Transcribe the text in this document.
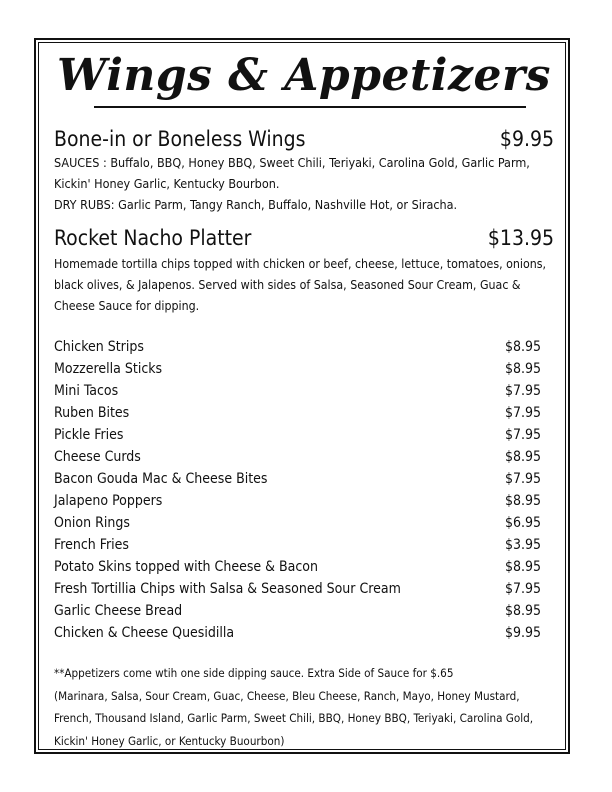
Wings & Appetizers
Bone-in or Boneless Wings	$9.95
SAUCES : Buffalo, BBQ, Honey BBQ, Sweet Chili, Teriyaki, Carolina Gold, Garlic Parm, Kickin' Honey Garlic, Kentucky Bourbon.
DRY RUBS: Garlic Parm, Tangy Ranch, Buffalo, Nashville Hot, or Siracha.
Rocket Nacho Platter	$13.95
Homemade tortilla chips topped with chicken or beef, cheese, lettuce, tomatoes, onions, black olives, & Jalapenos. Served with sides of Salsa, Seasoned Sour Cream, Guac & Cheese Sauce for dipping.
Chicken Strips	$8.95
Mozzerella Sticks	$8.95
Mini Tacos	$7.95
Ruben Bites	$7.95
Pickle Fries	$7.95
Cheese Curds	$8.95
Bacon Gouda Mac & Cheese Bites	$7.95
Jalapeno Poppers	$8.95
Onion Rings	$6.95
French Fries	$3.95
Potato Skins topped with Cheese & Bacon	$8.95
Fresh Tortillia Chips with Salsa & Seasoned Sour Cream	$7.95
Garlic Cheese Bread	$8.95
Chicken & Cheese Quesidilla	$9.95
**Appetizers come wtih one side dipping sauce. Extra Side of Sauce for $.65
(Marinara, Salsa, Sour Cream, Guac, Cheese, Bleu Cheese, Ranch, Mayo, Honey Mustard, French, Thousand Island, Garlic Parm, Sweet Chili, BBQ, Honey BBQ, Teriyaki, Carolina Gold, Kickin' Honey Garlic, or Kentucky Buourbon)
